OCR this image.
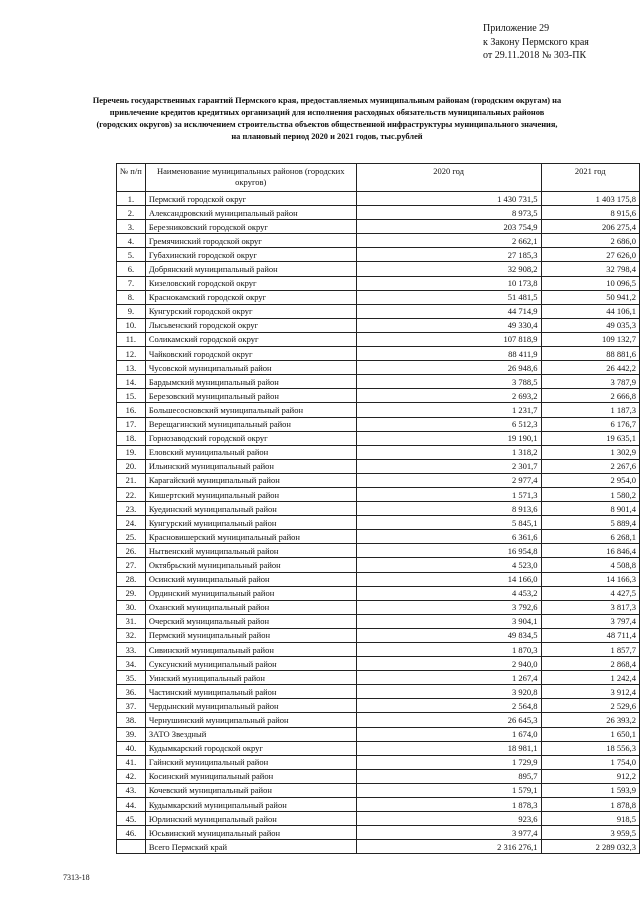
Приложение 29
к Закону Пермского края
от 29.11.2018 № 303-ПК
Перечень государственных гарантий Пермского края, предоставляемых муниципальным районам (городским округам) на привлечение кредитов кредитных организаций для исполнения расходных обязательств муниципальных районов (городских округов) за исключением строительства объектов общественной инфраструктуры муниципального значения, на плановый период 2020 и 2021 годов, тыс.рублей
№ п/п	Наименование муниципальных районов (городских округов)	2020 год	2021 год
1.	Пермский городской округ	1 430 731,5	1 403 175,8
2.	Александровский муниципальный район	8 973,5	8 915,6
3.	Березниковский городской округ	203 754,9	206 275,4
4.	Гремячинский городской округ	2 662,1	2 686,0
5.	Губахинский городской округ	27 185,3	27 626,0
6.	Добрянский муниципальный район	32 908,2	32 798,4
7.	Кизеловский городской округ	10 173,8	10 096,5
8.	Краснокамский городской округ	51 481,5	50 941,2
9.	Кунгурский городской округ	44 714,9	44 106,1
10.	Лысьвенский городской округ	49 330,4	49 035,3
11.	Соликамский городской округ	107 818,9	109 132,7
12.	Чайковский городской округ	88 411,9	88 881,6
13.	Чусовской муниципальный район	26 948,6	26 442,2
14.	Бардымский муниципальный район	3 788,5	3 787,9
15.	Березовский муниципальный район	2 693,2	2 666,8
16.	Большесосновский муниципальный район	1 231,7	1 187,3
17.	Верещагинский муниципальный район	6 512,3	6 176,7
18.	Горнозаводский городской округ	19 190,1	19 635,1
19.	Еловский муниципальный район	1 318,2	1 302,9
20.	Ильинский муниципальный район	2 301,7	2 267,6
21.	Карагайский муниципальный район	2 977,4	2 954,0
22.	Кишертский муниципальный район	1 571,3	1 580,2
23.	Куединский муниципальный район	8 913,6	8 901,4
24.	Кунгурский муниципальный район	5 845,1	5 889,4
25.	Красновишерский муниципальный район	6 361,6	6 268,1
26.	Нытвенский муниципальный район	16 954,8	16 846,4
27.	Октябрьский муниципальный район	4 523,0	4 508,8
28.	Осинский муниципальный район	14 166,0	14 166,3
29.	Ординский муниципальный район	4 453,2	4 427,5
30.	Оханский муниципальный район	3 792,6	3 817,3
31.	Очерский муниципальный район	3 904,1	3 797,4
32.	Пермский муниципальный район	49 834,5	48 711,4
33.	Сивинский муниципальный район	1 870,3	1 857,7
34.	Суксунский муниципальный район	2 940,0	2 868,4
35.	Уинский муниципальный район	1 267,4	1 242,4
36.	Частинский муниципальный район	3 920,8	3 912,4
37.	Чердынский муниципальный район	2 564,8	2 529,6
38.	Чернушинский муниципальный район	26 645,3	26 393,2
39.	ЗАТО Звездный	1 674,0	1 650,1
40.	Кудымкарский городской округ	18 981,1	18 556,3
41.	Гайнский муниципальный район	1 729,9	1 754,0
42.	Косинский муниципальный район	895,7	912,2
43.	Кочевский муниципальный район	1 579,1	1 593,9
44.	Кудымкарский муниципальный район	1 878,3	1 878,8
45.	Юрлинский муниципальный район	923,6	918,5
46.	Юсьвинский муниципальный район	3 977,4	3 959,5
	Всего Пермский край	2 316 276,1	2 289 032,3
7313-18
